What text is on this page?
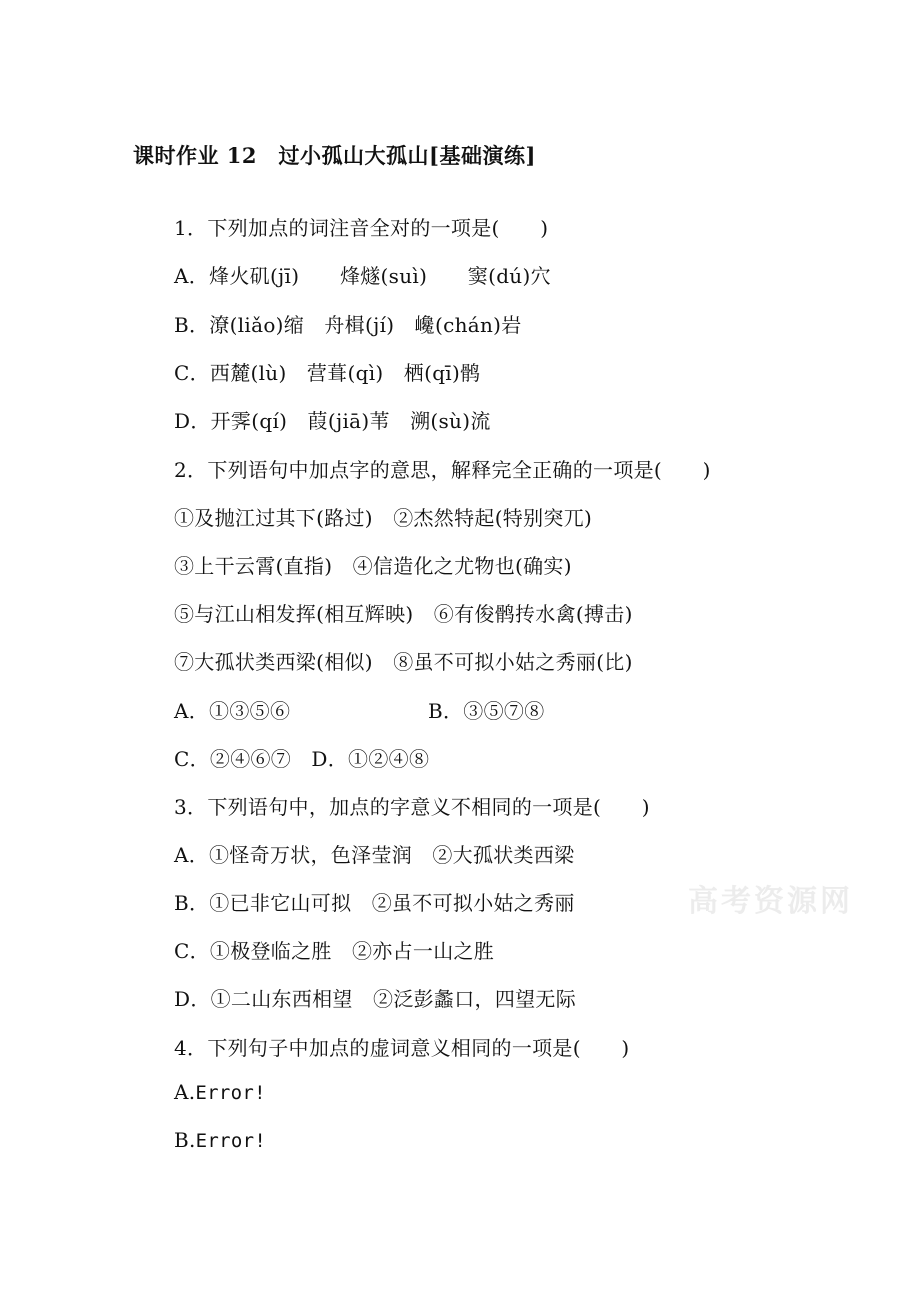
课时作业 12　过小孤山大孤山[基础演练]
1．下列加点的词注音全对的一项是(　　)
A．烽火矶(jī)　　烽燧(suì)　　窦(dú)穴
B．潦(liǎo)缩　舟楫(jí)　巉(chán)岩
C．西麓(lù)　营葺(qì)　栖(qī)鹘
D．开霁(qí)　葭(jiā)苇　溯(sù)流
2．下列语句中加点字的意思，解释完全正确的一项是(　　)
①及抛江过其下(路过)　②杰然特起(特别突兀)
③上干云霄(直指)　④信造化之尤物也(确实)
⑤与江山相发挥(相互辉映)　⑥有俊鹘抟水禽(搏击)
⑦大孤状类西梁(相似)　⑧虽不可拟小姑之秀丽(比)
A．①③⑤⑥	B．③⑤⑦⑧
C．②④⑥⑦　D．①②④⑧
3．下列语句中，加点的字意义不相同的一项是(　　)
A．①怪奇万状，色泽莹润　②大孤状类西梁
B．①已非它山可拟　②虽不可拟小姑之秀丽
C．①极登临之胜　②亦占一山之胜
D．①二山东西相望　②泛彭蠡口，四望无际
4．下列句子中加点的虚词意义相同的一项是(　　)
A.Error!
B.Error!
高考资源网
